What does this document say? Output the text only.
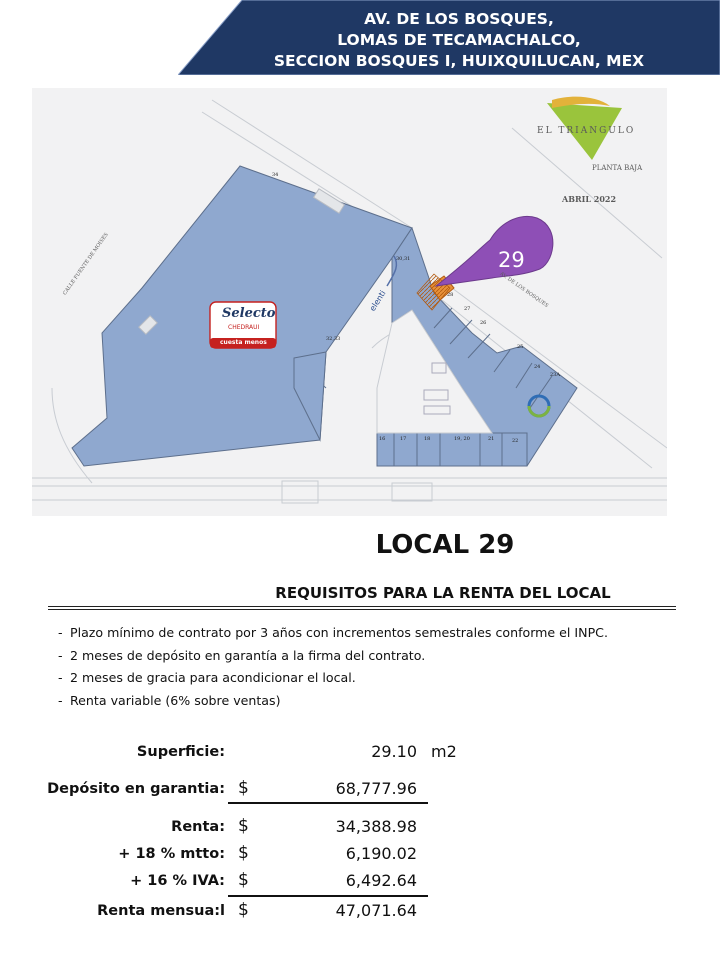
AV. DE LOS BOSQUES,
LOMAS DE TECAMACHALCO,
SECCION BOSQUES I, HUIXQUILUCAN, MEX
EL TRIANGULO
PLANTA BAJA
ABRIL 2022
29
CALLE FUENTE DE MOISES	AV. DE LOS BOSQUES
Selecto
CHEDRAUI
cuesta menos
elenti
34
32,33
30,31
28
27
26
25
24
23A
16	17	18	19, 20	21	22
LOCAL 29
REQUISITOS PARA LA RENTA DEL LOCAL
- Plazo mínimo de contrato por 3 años con incrementos semestrales conforme el INPC.
- 2 meses de depósito en garantía a la firma del contrato.
- 2 meses de gracia para acondicionar el local.
- Renta variable (6% sobre ventas)
Superficie:	29.10 m2
Depósito en garantia: $	68,777.96
Renta: $	34,388.98
+ 18 % mtto: $	6,190.02
+ 16 % IVA: $	6,492.64
Renta mensua:l $	47,071.64
